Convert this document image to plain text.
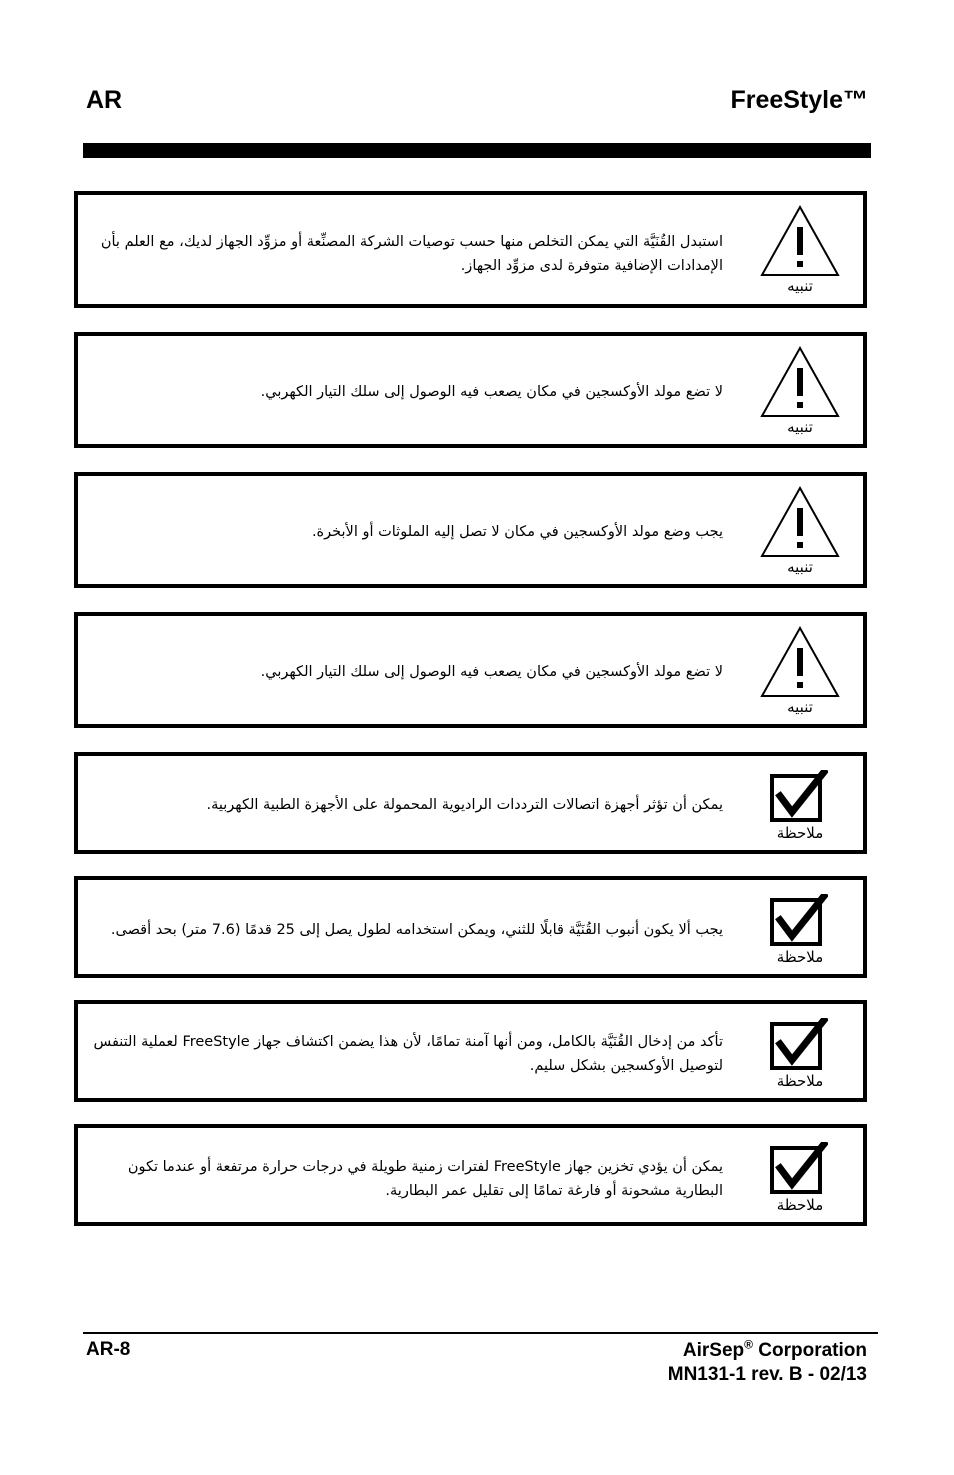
AR	FreeStyle™
استبدل القُنَيَّة التي يمكن التخلص منها حسب توصيات الشركة المصنِّعة أو مزوِّد الجهاز لديك، مع العلم بأن الإمدادات الإضافية متوفرة لدى مزوِّد الجهاز.
تنبيه
لا تضع مولد الأوكسجين في مكان يصعب فيه الوصول إلى سلك التيار الكهربي.
تنبيه
يجب وضع مولد الأوكسجين في مكان لا تصل إليه الملوثات أو الأبخرة.
تنبيه
لا تضع مولد الأوكسجين في مكان يصعب فيه الوصول إلى سلك التيار الكهربي.
تنبيه
يمكن أن تؤثر أجهزة اتصالات الترددات الراديوية المحمولة على الأجهزة الطبية الكهربية.
ملاحظة
يجب ألا يكون أنبوب القُنَيَّة قابلًا للثني، ويمكن استخدامه لطول يصل إلى 25 قدمًا (7.6 متر) بحد أقصى.
ملاحظة
تأكد من إدخال القُنَيَّة بالكامل، ومن أنها آمنة تمامًا، لأن هذا يضمن اكتشاف جهاز FreeStyle لعملية التنفس لتوصيل الأوكسجين بشكل سليم.
ملاحظة
يمكن أن يؤدي تخزين جهاز FreeStyle لفترات زمنية طويلة في درجات حرارة مرتفعة أو عندما تكون البطارية مشحونة أو فارغة تمامًا إلى تقليل عمر البطارية.
ملاحظة
AR-8	AirSep® Corporation
MN131-1 rev. B - 02/13
